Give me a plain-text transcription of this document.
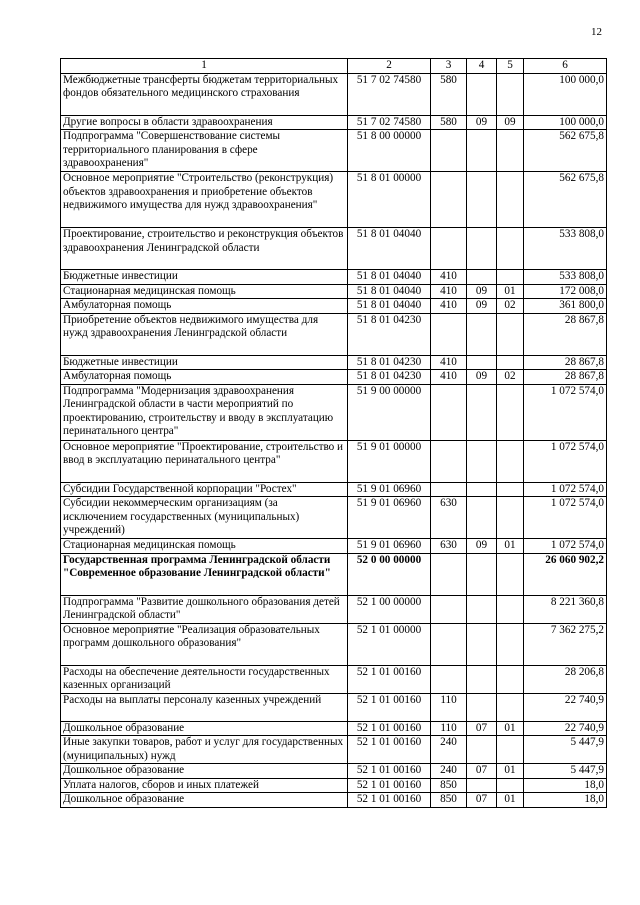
12
1	2	3	4	5	6
Межбюджетные трансферты бюджетам территориальных фондов обязательного медицинского страхования	51 7 02 74580	580			100 000,0
Другие вопросы в области здравоохранения	51 7 02 74580	580	09	09	100 000,0
Подпрограмма "Совершенствование системы территориального планирования в сфере здравоохранения"	51 8 00 00000				562 675,8
Основное мероприятие "Строительство (реконструкция) объектов здравоохранения и приобретение объектов недвижимого имущества для нужд здравоохранения"	51 8 01 00000				562 675,8
Проектирование, строительство и реконструкция объектов здравоохранения Ленинградской области	51 8 01 04040				533 808,0
Бюджетные инвестиции	51 8 01 04040	410			533 808,0
Стационарная медицинская помощь	51 8 01 04040	410	09	01	172 008,0
Амбулаторная помощь	51 8 01 04040	410	09	02	361 800,0
Приобретение объектов недвижимого имущества для нужд здравоохранения Ленинградской области	51 8 01 04230				28 867,8
Бюджетные инвестиции	51 8 01 04230	410			28 867,8
Амбулаторная помощь	51 8 01 04230	410	09	02	28 867,8
Подпрограмма "Модернизация здравоохранения Ленинградской области в части мероприятий по проектированию, строительству и вводу в эксплуатацию перинатального центра"	51 9 00 00000				1 072 574,0
Основное мероприятие "Проектирование, строительство и ввод в эксплуатацию перинатального центра"	51 9 01 00000				1 072 574,0
Субсидии Государственной корпорации "Ростех"	51 9 01 06960				1 072 574,0
Субсидии некоммерческим организациям (за исключением государственных (муниципальных) учреждений)	51 9 01 06960	630			1 072 574,0
Стационарная медицинская помощь	51 9 01 06960	630	09	01	1 072 574,0
Государственная программа Ленинградской области "Современное образование Ленинградской области"	52 0 00 00000				26 060 902,2
Подпрограмма "Развитие дошкольного образования детей Ленинградской области"	52 1 00 00000				8 221 360,8
Основное мероприятие "Реализация образовательных программ дошкольного образования"	52 1 01 00000				7 362 275,2
Расходы на обеспечение деятельности государственных казенных организаций	52 1 01 00160				28 206,8
Расходы на выплаты персоналу казенных учреждений	52 1 01 00160	110			22 740,9
Дошкольное образование	52 1 01 00160	110	07	01	22 740,9
Иные закупки товаров, работ и услуг для государственных (муниципальных) нужд	52 1 01 00160	240			5 447,9
Дошкольное образование	52 1 01 00160	240	07	01	5 447,9
Уплата налогов, сборов и иных платежей	52 1 01 00160	850			18,0
Дошкольное образование	52 1 01 00160	850	07	01	18,0
